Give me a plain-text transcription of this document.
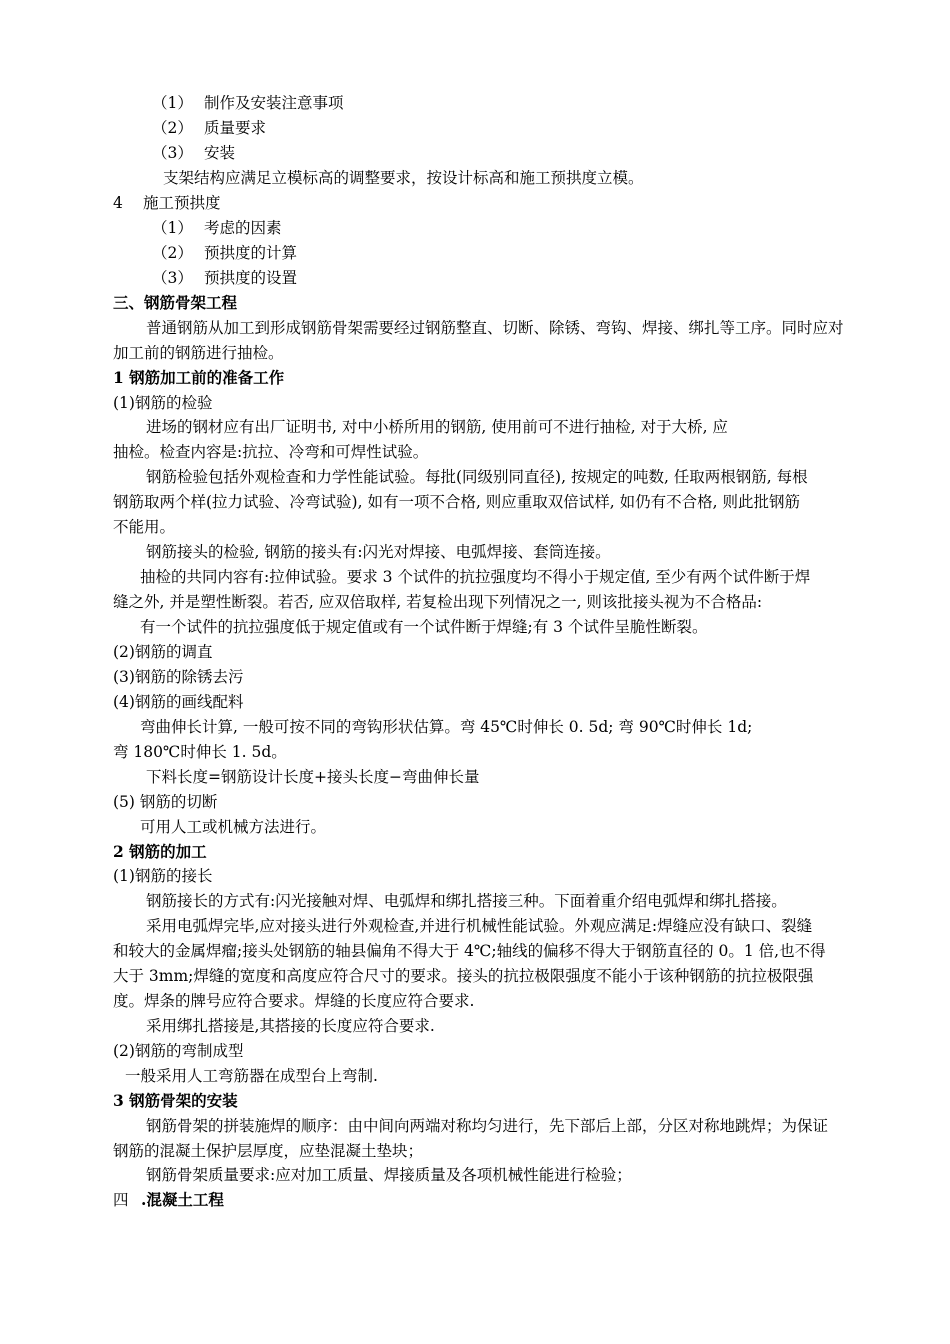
（1） 制作及安装注意事项
（2） 质量要求
（3） 安装
支架结构应满足立模标高的调整要求，按设计标高和施工预拱度立模。
4 施工预拱度
（1） 考虑的因素
（2） 预拱度的计算
（3） 预拱度的设置
三、钢筋骨架工程
普通钢筋从加工到形成钢筋骨架需要经过钢筋整直、切断、除锈、弯钩、焊接、绑扎等工序。同时应对
加工前的钢筋进行抽检。
1 钢筋加工前的准备工作
(1)钢筋的检验
进场的钢材应有出厂证明书, 对中小桥所用的钢筋, 使用前可不进行抽检, 对于大桥, 应
抽检。检查内容是:抗拉、冷弯和可焊性试验。
钢筋检验包括外观检查和力学性能试验。每批(同级别同直径), 按规定的吨数, 任取两根钢筋, 每根
钢筋取两个样(拉力试验、冷弯试验), 如有一项不合格, 则应重取双倍试样, 如仍有不合格, 则此批钢筋
不能用。
钢筋接头的检验, 钢筋的接头有:闪光对焊接、电弧焊接、套筒连接。
抽检的共同内容有:拉伸试验。要求 3 个试件的抗拉强度均不得小于规定值, 至少有两个试件断于焊
缝之外, 并是塑性断裂。若否, 应双倍取样, 若复检出现下列情况之一, 则该批接头视为不合格品:
有一个试件的抗拉强度低于规定值或有一个试件断于焊缝;有 3 个试件呈脆性断裂。
(2)钢筋的调直
(3)钢筋的除锈去污
(4)钢筋的画线配料
弯曲伸长计算, 一般可按不同的弯钩形状估算。弯 45℃时伸长 0. 5d; 弯 90℃时伸长 1d;
弯 180℃时伸长 1. 5d。
下料长度=钢筋设计长度+接头长度−弯曲伸长量
(5) 钢筋的切断
可用人工或机械方法进行。
2 钢筋的加工
(1)钢筋的接长
钢筋接长的方式有:闪光接触对焊、电弧焊和绑扎搭接三种。下面着重介绍电弧焊和绑扎搭接。
采用电弧焊完毕,应对接头进行外观检查,并进行机械性能试验。外观应满足:焊缝应没有缺口、裂缝
和较大的金属焊瘤;接头处钢筋的轴县偏角不得大于 4℃;轴线的偏移不得大于钢筋直径的 0。1 倍,也不得
大于 3mm;焊缝的宽度和高度应符合尺寸的要求。接头的抗拉极限强度不能小于该种钢筋的抗拉极限强
度。焊条的牌号应符合要求。焊缝的长度应符合要求.
采用绑扎搭接是,其搭接的长度应符合要求.
(2)钢筋的弯制成型
一般采用人工弯筋器在成型台上弯制.
3 钢筋骨架的安装
钢筋骨架的拼装施焊的顺序：由中间向两端对称均匀进行，先下部后上部，分区对称地跳焊；为保证
钢筋的混凝土保护层厚度，应垫混凝土垫块；
钢筋骨架质量要求:应对加工质量、焊接质量及各项机械性能进行检验；
四 .混凝土工程
